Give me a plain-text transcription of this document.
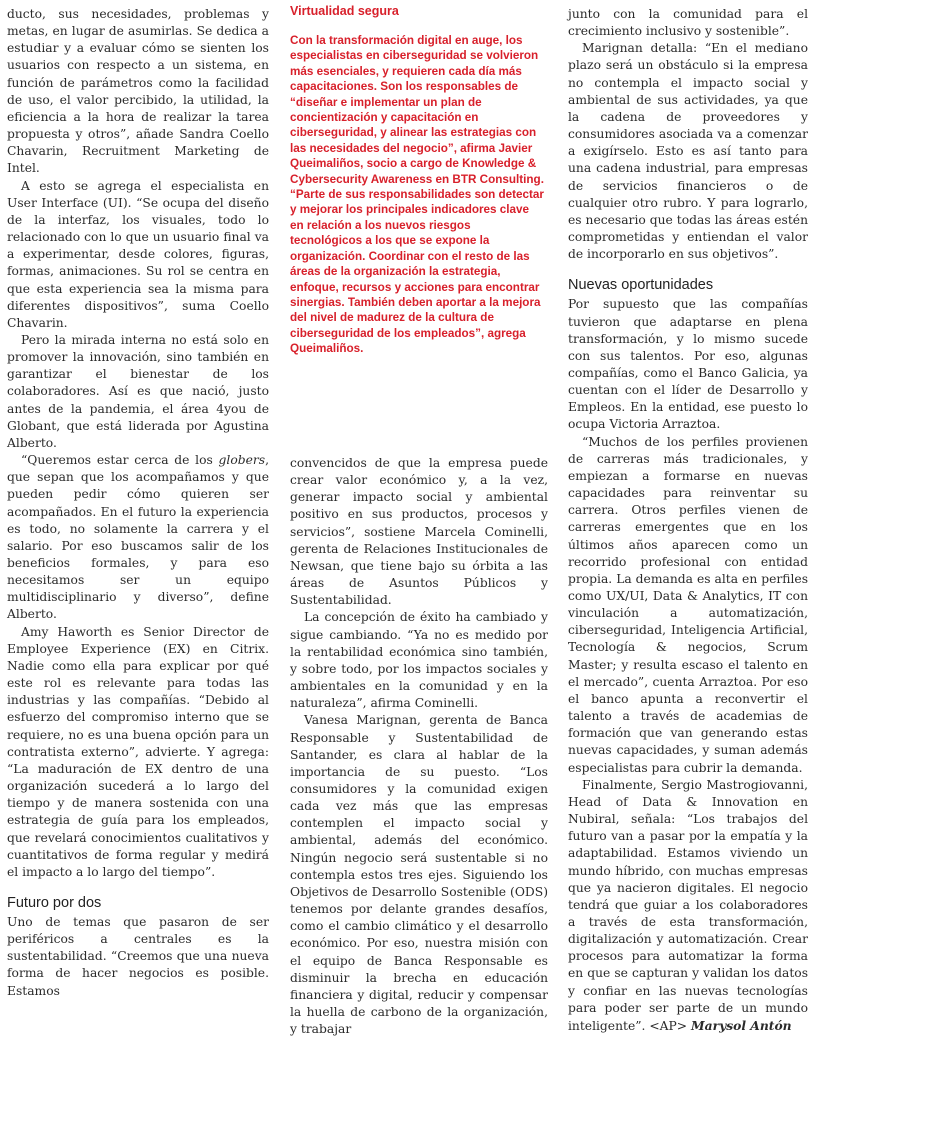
ducto, sus necesidades, problemas y metas, en lugar de asumirlas. Se dedica a estudiar y a evaluar cómo se sienten los usuarios con respecto a un sistema, en función de parámetros como la facilidad de uso, el valor percibido, la utilidad, la eficiencia a la hora de realizar la tarea propuesta y otros”, añade Sandra Coello Chavarin, Recruitment Marketing de Intel.

A esto se agrega el especialista en User Interface (UI). “Se ocupa del diseño de la interfaz, los visuales, todo lo relacionado con lo que un usuario final va a experimentar, desde colores, figuras, formas, animaciones. Su rol se centra en que esta experiencia sea la misma para diferentes dispositivos”, suma Coello Chavarin.

Pero la mirada interna no está solo en promover la innovación, sino también en garantizar el bienestar de los colaboradores. Así es que nació, justo antes de la pandemia, el área 4you de Globant, que está liderada por Agustina Alberto.

“Queremos estar cerca de los globers, que sepan que los acompañamos y que pueden pedir cómo quieren ser acompañados. En el futuro la experiencia es todo, no solamente la carrera y el salario. Por eso buscamos salir de los beneficios formales, y para eso necesitamos ser un equipo multidisciplinario y diverso”, define Alberto.

Amy Haworth es Senior Director de Employee Experience (EX) en Citrix. Nadie como ella para explicar por qué este rol es relevante para todas las industrias y las compañías. “Debido al esfuerzo del compromiso interno que se requiere, no es una buena opción para un contratista externo”, advierte. Y agrega: “La maduración de EX dentro de una organización sucederá a lo largo del tiempo y de manera sostenida con una estrategia de guía para los empleados, que revelará conocimientos cualitativos y cuantitativos de forma regular y medirá el impacto a lo largo del tiempo”.

Futuro por dos

Uno de temas que pasaron de ser periféricos a centrales es la sustentabilidad. “Creemos que una nueva forma de hacer negocios es posible. Estamos

Virtualidad segura

Con la transformación digital en auge, los especialistas en ciberseguridad se volvieron más esenciales, y requieren cada día más capacitaciones. Son los responsables de “diseñar e implementar un plan de concientización y capacitación en ciberseguridad, y alinear las estrategias con las necesidades del negocio”, afirma Javier Queimaliños, socio a cargo de Knowledge & Cybersecurity Awareness en BTR Consulting.

“Parte de sus responsabilidades son detectar y mejorar los principales indicadores clave en relación a los nuevos riesgos tecnológicos a los que se expone la organización. Coordinar con el resto de las áreas de la organización la estrategia, enfoque, recursos y acciones para encontrar sinergias. También deben aportar a la mejora del nivel de madurez de la cultura de ciberseguridad de los empleados”, agrega Queimaliños.

convencidos de que la empresa puede crear valor económico y, a la vez, generar impacto social y ambiental positivo en sus productos, procesos y servicios”, sostiene Marcela Cominelli, gerenta de Relaciones Institucionales de Newsan, que tiene bajo su órbita a las áreas de Asuntos Públicos y Sustentabilidad.

La concepción de éxito ha cambiado y sigue cambiando. “Ya no es medido por la rentabilidad económica sino también, y sobre todo, por los impactos sociales y ambientales en la comunidad y en la naturaleza”, afirma Cominelli.

Vanesa Marignan, gerenta de Banca Responsable y Sustentabilidad de Santander, es clara al hablar de la importancia de su puesto. “Los consumidores y la comunidad exigen cada vez más que las empresas contemplen el impacto social y ambiental, además del económico. Ningún negocio será sustentable si no contempla estos tres ejes. Siguiendo los Objetivos de Desarrollo Sostenible (ODS) tenemos por delante grandes desafíos, como el cambio climático y el desarrollo económico. Por eso, nuestra misión con el equipo de Banca Responsable es disminuir la brecha en educación financiera y digital, reducir y compensar la huella de carbono de la organización, y trabajar

junto con la comunidad para el crecimiento inclusivo y sostenible”.

Marignan detalla: “En el mediano plazo será un obstáculo si la empresa no contempla el impacto social y ambiental de sus actividades, ya que la cadena de proveedores y consumidores asociada va a comenzar a exigírselo. Esto es así tanto para una cadena industrial, para empresas de servicios financieros o de cualquier otro rubro. Y para lograrlo, es necesario que todas las áreas estén comprometidas y entiendan el valor de incorporarlo en sus objetivos”.

Nuevas oportunidades

Por supuesto que las compañías tuvieron que adaptarse en plena transformación, y lo mismo sucede con sus talentos. Por eso, algunas compañías, como el Banco Galicia, ya cuentan con el líder de Desarrollo y Empleos. En la entidad, ese puesto lo ocupa Victoria Arraztoa.

“Muchos de los perfiles provienen de carreras más tradicionales, y empiezan a formarse en nuevas capacidades para reinventar su carrera. Otros perfiles vienen de carreras emergentes que en los últimos años aparecen como un recorrido profesional con entidad propia. La demanda es alta en perfiles como UX/UI, Data & Analytics, IT con vinculación a automatización, ciberseguridad, Inteligencia Artificial, Tecnología & negocios, Scrum Master; y resulta escaso el talento en el mercado”, cuenta Arraztoa. Por eso el banco apunta a reconvertir el talento a través de academias de formación que van generando estas nuevas capacidades, y suman además especialistas para cubrir la demanda.

Finalmente, Sergio Mastrogiovanni, Head of Data & Innovation en Nubiral, señala: “Los trabajos del futuro van a pasar por la empatía y la adaptabilidad. Estamos viviendo un mundo híbrido, con muchas empresas que ya nacieron digitales. El negocio tendrá que guiar a los colaboradores a través de esta transformación, digitalización y automatización. Crear procesos para automatizar la forma en que se capturan y validan los datos y confiar en las nuevas tecnologías para poder ser parte de un mundo inteligente”. <AP> Marysol Antón
